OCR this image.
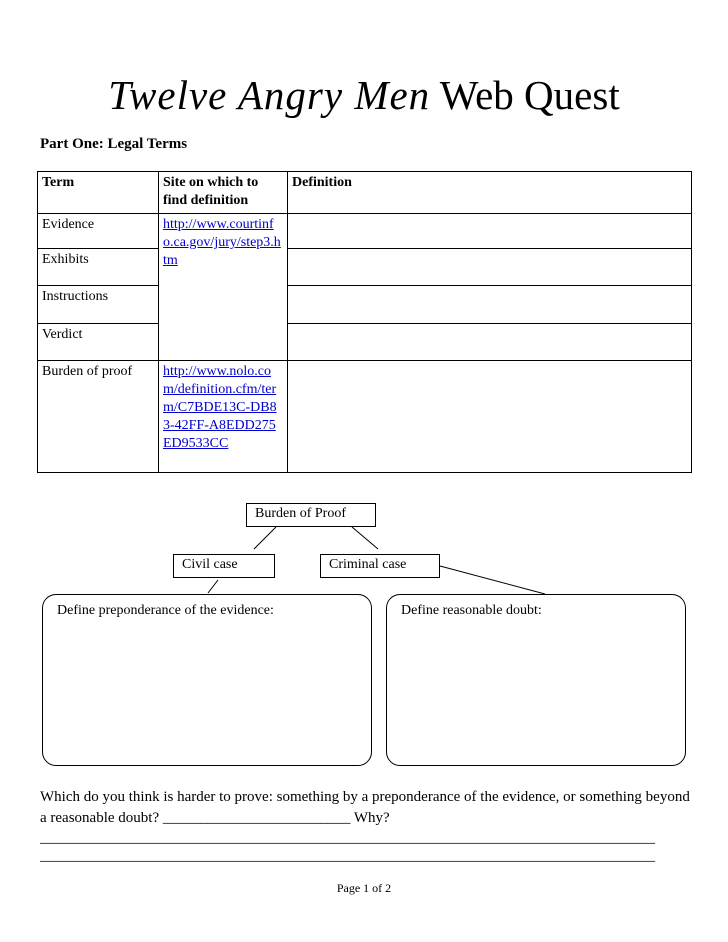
Twelve Angry Men Web Quest
Part One: Legal Terms
Term	Site on which to find definition	Definition
Evidence	http://www.courtinfo.ca.gov/jury/step3.htm	
Exhibits		
Instructions		
Verdict		
Burden of proof	http://www.nolo.com/definition.cfm/term/C7BDE13C-DB83-42FF-A8EDD275ED9533CC	
Burden of Proof
Civil case	Criminal case
Define preponderance of the evidence:	Define reasonable doubt:
Which do you think is harder to prove: something by a preponderance of the evidence, or something beyond a reasonable doubt? _________________________ Why?
__________________________________________________________________________________
__________________________________________________________________________________
Page 1 of 2
